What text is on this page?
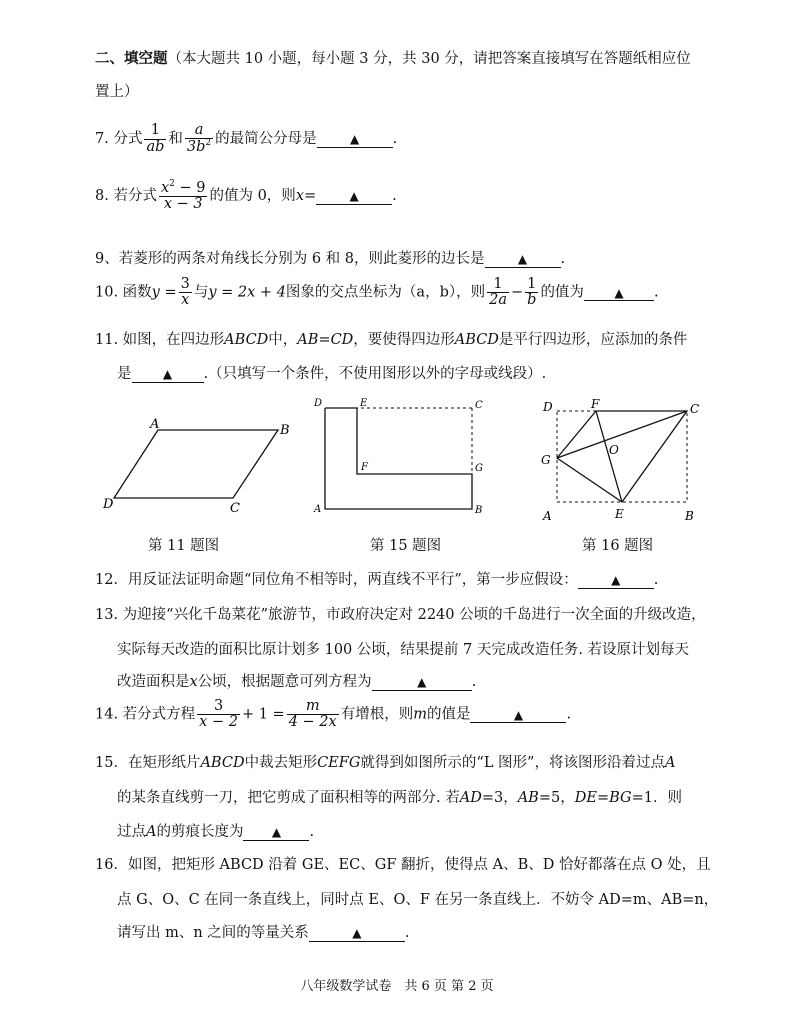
二、填空题（本大题共 10 小题，每小题 3 分，共 30 分，请把答案直接填写在答题纸相应位
置上）
7. 分式 $\frac{1}{ab}$ 和 $\frac{a}{3b^2}$ 的最简公分母是	▲ .
8. 若分式 $\frac{x^2 - 9}{x - 3}$ 的值为 0，则x=	▲ .
9、若菱形的两条对角线长分别为 6 和 8，则此菱形的边长是	▲ .
10. 函数$y = \frac{3}{x}$ 与y = 2x + 4图象的交点坐标为（a，b），则 $\frac{1}{2a} - \frac{1}{b}$ 的值为	▲ .
11. 如图，在四边形ABCD中，AB=CD，要使得四边形ABCD是平行四边形，应添加的条件
是	▲ .（只填写一个条件，不使用图形以外的字母或线段）.
A	B
C
D
第 11 题图
D	E	C
F	G
A	B
第 15 题图
D	F	C
G
O
A	E	B
第 16 题图
12．用反证法证明命题“同位角不相等时，两直线不平行”，第一步应假设：	▲ .
13. 为迎接“兴化千岛菜花”旅游节，市政府决定对 2240 公顷的千岛进行一次全面的升级改造，
实际每天改造的面积比原计划多 100 公顷，结果提前 7 天完成改造任务. 若设原计划每天
改造面积是x公顷，根据题意可列方程为	▲	.
14. 若分式方程 $\frac{3}{x - 2} + 1 = \frac{m}{4 - 2x}$ 有增根，则m的值是	▲	.
15．在矩形纸片ABCD中裁去矩形CEFG就得到如图所示的“L 图形”，将该图形沿着过点A
的某条直线剪一刀，把它剪成了面积相等的两部分. 若AD=3，AB=5，DE=BG=1．则
过点A的剪痕长度为 ▲ .
16．如图，把矩形 ABCD 沿着 GE、EC、GF 翻折，使得点 A、B、D 恰好都落在点 O 处，且
点 G、O、C 在同一条直线上，同时点 E、O、F 在另一条直线上．不妨令 AD=m、AB=n，
请写出 m、n 之间的等量关系	▲	.
八年级数学试卷　共 6 页 第 2 页
